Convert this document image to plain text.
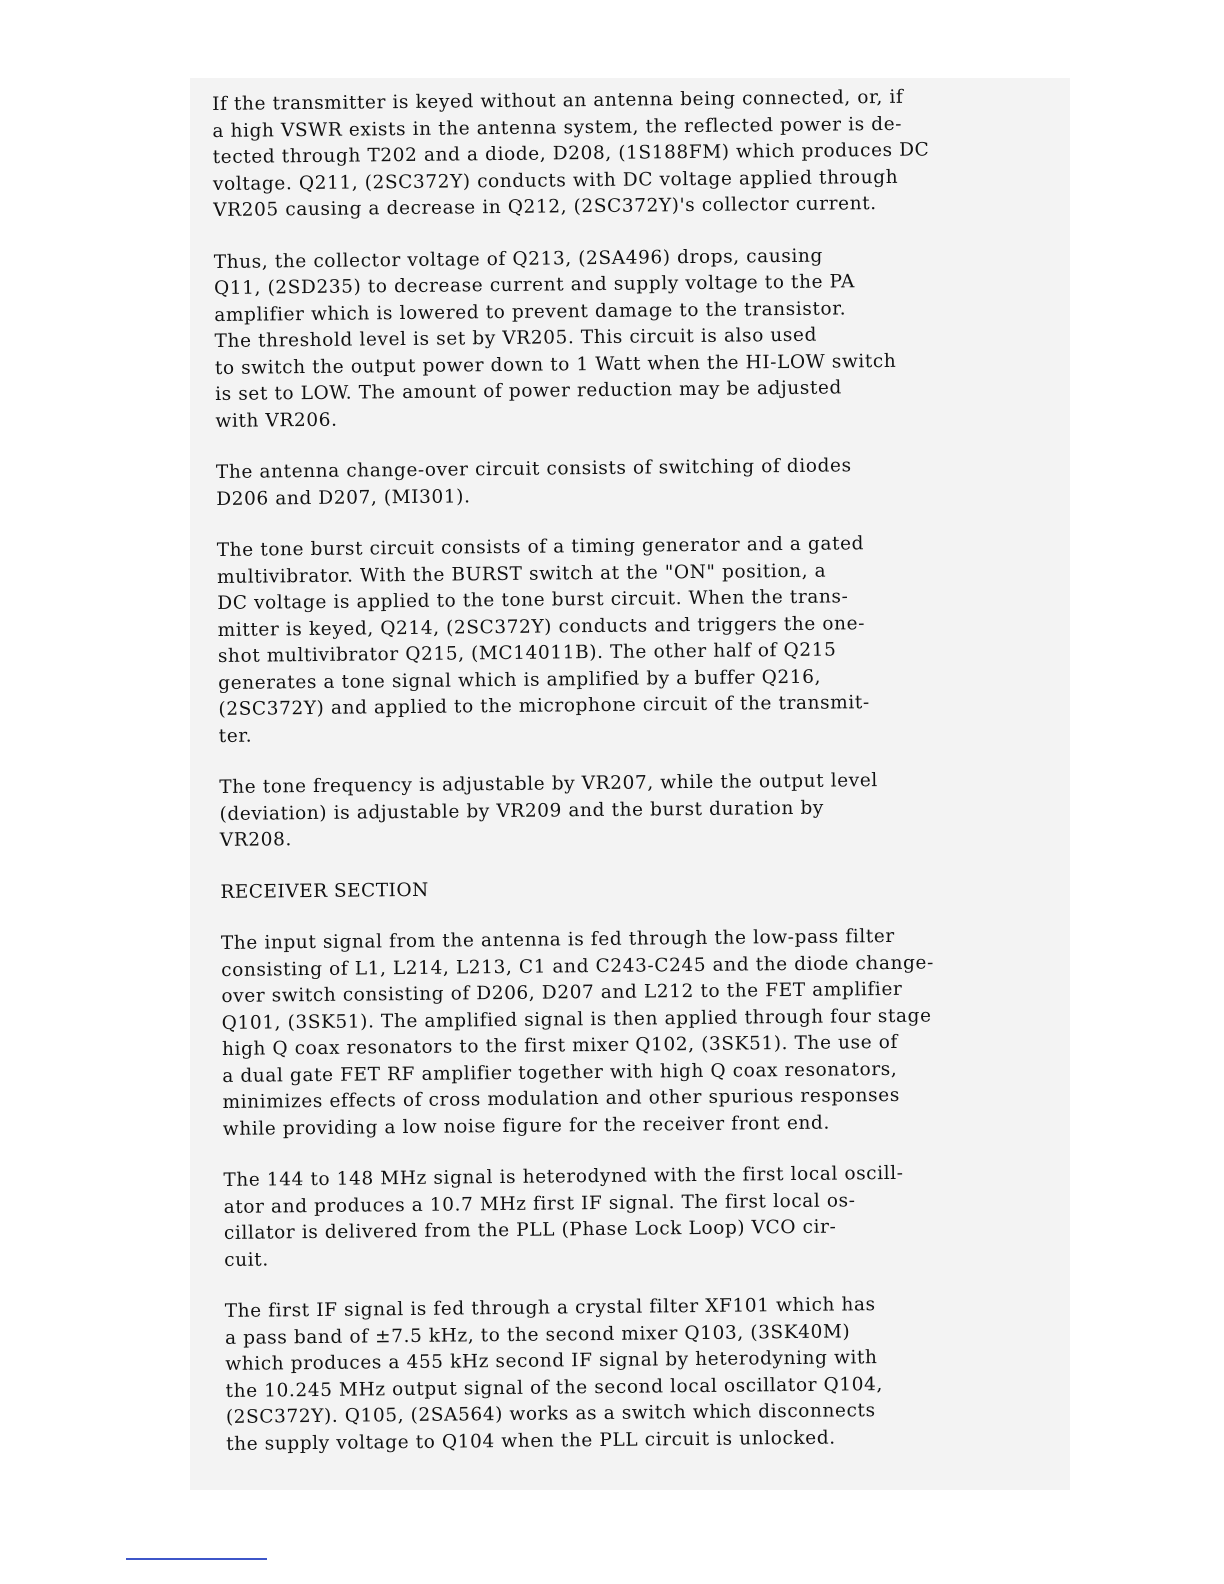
If the transmitter is keyed without an antenna being connected, or, if
a high VSWR exists in the antenna system, the reflected power is de-
tected through T202 and a diode, D208, (1S188FM) which produces DC
voltage. Q211, (2SC372Y) conducts with DC voltage applied through
VR205 causing a decrease in Q212, (2SC372Y)'s collector current.
Thus, the collector voltage of Q213, (2SA496) drops, causing
Q11, (2SD235) to decrease current and supply voltage to the PA
amplifier which is lowered to prevent damage to the transistor.
The threshold level is set by VR205. This circuit is also used
to switch the output power down to 1 Watt when the HI-LOW switch
is set to LOW. The amount of power reduction may be adjusted
with VR206.
The antenna change-over circuit consists of switching of diodes
D206 and D207, (MI301).
The tone burst circuit consists of a timing generator and a gated
multivibrator. With the BURST switch at the "ON" position, a
DC voltage is applied to the tone burst circuit. When the trans-
mitter is keyed, Q214, (2SC372Y) conducts and triggers the one-
shot multivibrator Q215, (MC14011B). The other half of Q215
generates a tone signal which is amplified by a buffer Q216,
(2SC372Y) and applied to the microphone circuit of the transmit-
ter.
The tone frequency is adjustable by VR207, while the output level
(deviation) is adjustable by VR209 and the burst duration by
VR208.
RECEIVER SECTION
The input signal from the antenna is fed through the low-pass filter
consisting of L1, L214, L213, C1 and C243-C245 and the diode change-
over switch consisting of D206, D207 and L212 to the FET amplifier
Q101, (3SK51). The amplified signal is then applied through four stage
high Q coax resonators to the first mixer Q102, (3SK51). The use of
a dual gate FET RF amplifier together with high Q coax resonators,
minimizes effects of cross modulation and other spurious responses
while providing a low noise figure for the receiver front end.
The 144 to 148 MHz signal is heterodyned with the first local oscill-
ator and produces a 10.7 MHz first IF signal. The first local os-
cillator is delivered from the PLL (Phase Lock Loop) VCO cir-
cuit.
The first IF signal is fed through a crystal filter XF101 which has
a pass band of ±7.5 kHz, to the second mixer Q103, (3SK40M)
which produces a 455 kHz second IF signal by heterodyning with
the 10.245 MHz output signal of the second local oscillator Q104,
(2SC372Y). Q105, (2SA564) works as a switch which disconnects
the supply voltage to Q104 when the PLL circuit is unlocked.
